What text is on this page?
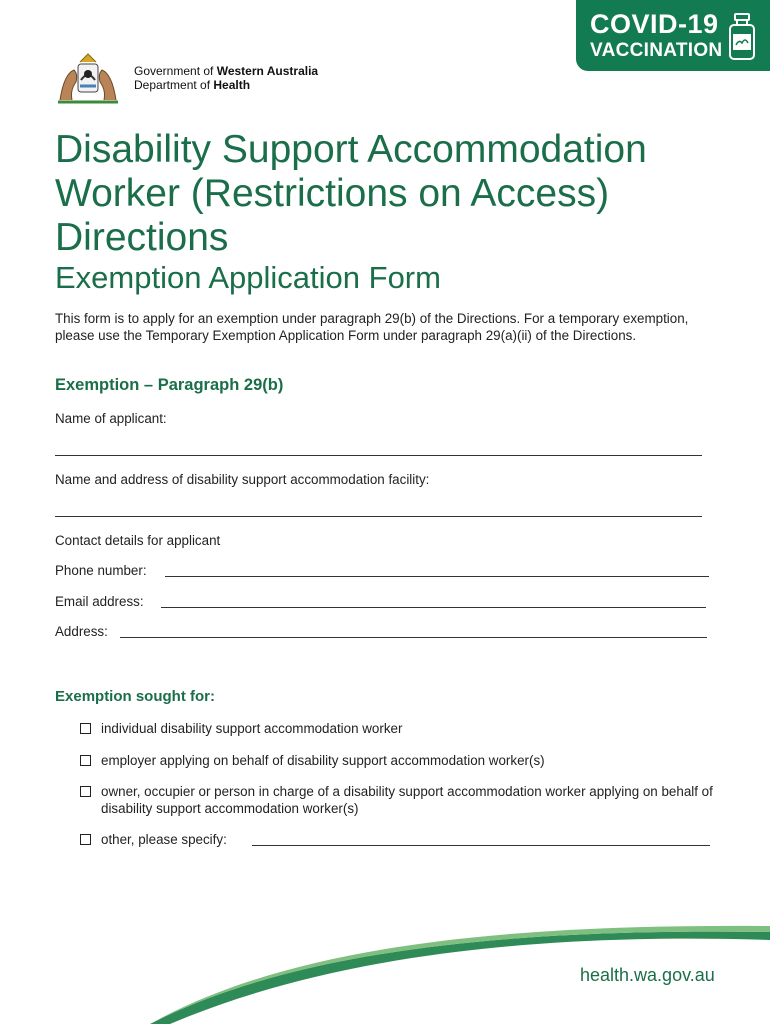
Government of Western Australia
Department of Health
COVID-19
VACCINATION
Disability Support Accommodation Worker (Restrictions on Access) Directions
Exemption Application Form
This form is to apply for an exemption under paragraph 29(b) of the Directions. For a temporary exemption, please use the Temporary Exemption Application Form under paragraph 29(a)(ii) of the Directions.
Exemption – Paragraph 29(b)
Name of applicant:
Name and address of disability support accommodation facility:
Contact details for applicant
Phone number:
Email address:
Address:
Exemption sought for:
individual disability support accommodation worker
employer applying on behalf of disability support accommodation worker(s)
owner, occupier or person in charge of a disability support accommodation worker applying on behalf of disability support accommodation worker(s)
other, please specify:
health.wa.gov.au
